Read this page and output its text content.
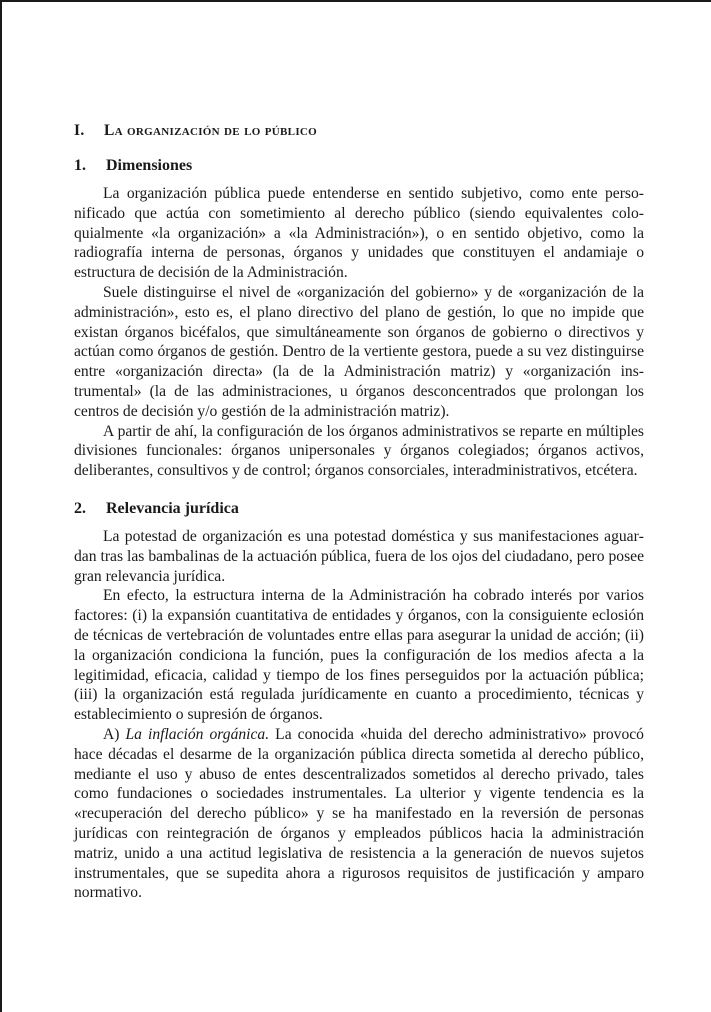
I. La organización de lo público
1. Dimensiones

La organización pública puede entenderse en sentido subjetivo, como ente personificado que actúa con sometimiento al derecho público (siendo equivalentes coloquialmente «la organización» a «la Administración»), o en sentido objetivo, como la radiografía interna de personas, órganos y unidades que constituyen el andamiaje o estructura de decisión de la Administración.

Suele distinguirse el nivel de «organización del gobierno» y de «organización de la administración», esto es, el plano directivo del plano de gestión, lo que no impide que existan órganos bicéfalos, que simultáneamente son órganos de gobierno o directivos y actúan como órganos de gestión. Dentro de la vertiente gestora, puede a su vez distinguirse entre «organización directa» (la de la Administración matriz) y «organización instrumental» (la de las administraciones, u órganos desconcentrados que prolongan los centros de decisión y/o gestión de la administración matriz).

A partir de ahí, la configuración de los órganos administrativos se reparte en múltiples divisiones funcionales: órganos unipersonales y órganos colegiados; órganos activos, deliberantes, consultivos y de control; órganos consorciales, interadministrativos, etcétera.

2. Relevancia jurídica

La potestad de organización es una potestad doméstica y sus manifestaciones aguardan tras las bambalinas de la actuación pública, fuera de los ojos del ciudadano, pero posee gran relevancia jurídica.

En efecto, la estructura interna de la Administración ha cobrado interés por varios factores: (i) la expansión cuantitativa de entidades y órganos, con la consiguiente eclosión de técnicas de vertebración de voluntades entre ellas para asegurar la unidad de acción; (ii) la organización condiciona la función, pues la configuración de los medios afecta a la legitimidad, eficacia, calidad y tiempo de los fines perseguidos por la actuación pública; (iii) la organización está regulada jurídicamente en cuanto a procedimiento, técnicas y establecimiento o supresión de órganos.

A) La inflación orgánica. La conocida «huida del derecho administrativo» provocó hace décadas el desarme de la organización pública directa sometida al derecho público, mediante el uso y abuso de entes descentralizados sometidos al derecho privado, tales como fundaciones o sociedades instrumentales. La ulterior y vigente tendencia es la «recuperación del derecho público» y se ha manifestado en la reversión de personas jurídicas con reintegración de órganos y empleados públicos hacia la administración matriz, unido a una actitud legislativa de resistencia a la generación de nuevos sujetos instrumentales, que se supedita ahora a rigurosos requisitos de justificación y amparo normativo.
